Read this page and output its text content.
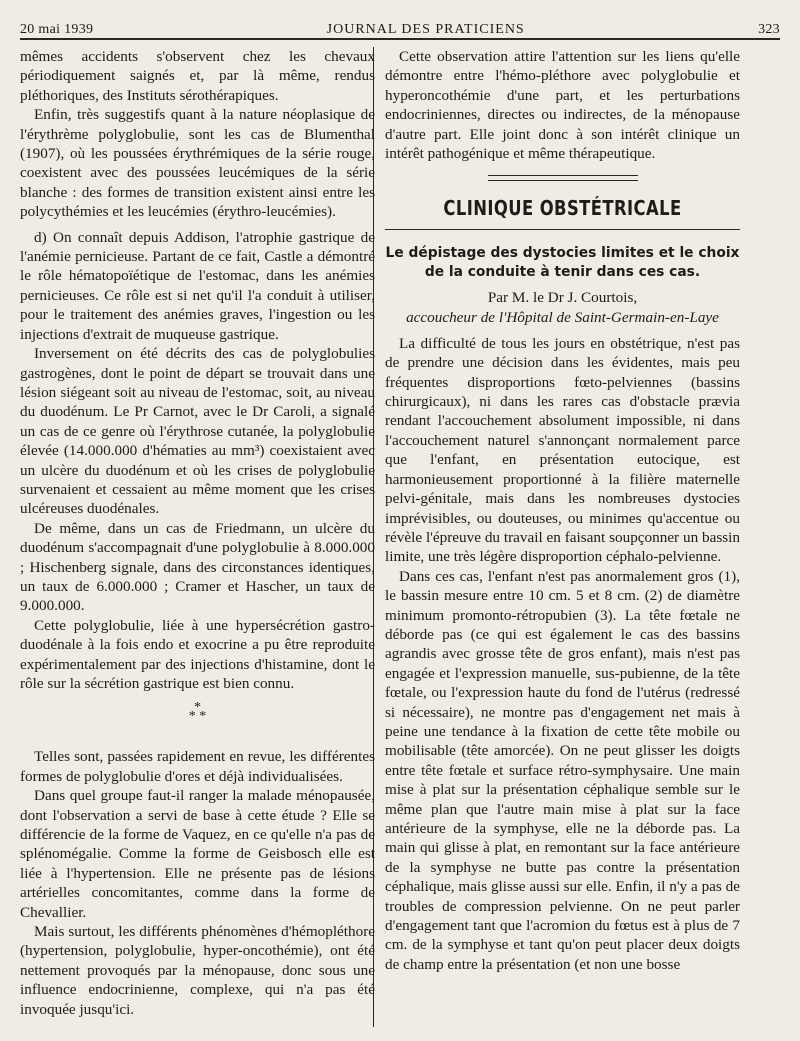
20 mai 1939	JOURNAL DES PRATICIENS	323

mêmes accidents s'observent chez les chevaux périodiquement saignés et, par là même, rendus pléthoriques, des Instituts sérothérapiques.

Enfin, très suggestifs quant à la nature néoplasique de l'érythrème polyglobulie, sont les cas de Blumenthal (1907), où les poussées érythrémiques de la série rouge, coexistent avec des poussées leucémiques de la série blanche : des formes de transition existent ainsi entre les polycythémies et les leucémies (érythro-leucémies).

d) On connaît depuis Addison, l'atrophie gastrique de l'anémie pernicieuse. Partant de ce fait, Castle a démontré le rôle hématopoïétique de l'estomac, dans les anémies pernicieuses. Ce rôle est si net qu'il l'a conduit à utiliser, pour le traitement des anémies graves, l'ingestion ou les injections d'extrait de muqueuse gastrique.

Inversement on été décrits des cas de polyglobulies gastrogènes, dont le point de départ se trouvait dans une lésion siégeant soit au niveau de l'estomac, soit, au niveau du duodénum. Le Pr Carnot, avec le Dr Caroli, a signalé un cas de ce genre où l'érythrose cutanée, la polyglobulie élevée (14.000.000 d'hématies au mm³) coexistaient avec un ulcère du duodénum et où les crises de polyglobulie survenaient et cessaient au même moment que les crises ulcéreuses duodénales.

De même, dans un cas de Friedmann, un ulcère du duodénum s'accompagnait d'une polyglobulie à 8.000.000 ; Hischenberg signale, dans des circonstances identiques, un taux de 6.000.000 ; Cramer et Hascher, un taux de 9.000.000.

Cette polyglobulie, liée à une hypersécrétion gastro-duodénale à la fois endo et exocrine a pu être reproduite expérimentalement par des injections d'histamine, dont le rôle sur la sécrétion gastrique est bien connu.

*
* *

Telles sont, passées rapidement en revue, les différentes formes de polyglobulie d'ores et déjà individualisées.

Dans quel groupe faut-il ranger la malade ménopausée, dont l'observation a servi de base à cette étude ? Elle se différencie de la forme de Vaquez, en ce qu'elle n'a pas de splénomégalie. Comme la forme de Geisbosch elle est liée à l'hypertension. Elle ne présente pas de lésions artérielles concomitantes, comme dans la forme de Chevallier.

Mais surtout, les différents phénomènes d'hémopléthore (hypertension, polyglobulie, hyper-oncothémie), ont été nettement provoqués par la ménopause, donc sous une influence endocrinienne, complexe, qui n'a pas été invoquée jusqu'ici.

Cette observation attire l'attention sur les liens qu'elle démontre entre l'hémo-pléthore avec polyglobulie et hyperoncothémie d'une part, et les perturbations endocriniennes, directes ou indirectes, de la ménopause d'autre part. Elle joint donc à son intérêt clinique un intérêt pathogénique et même thérapeutique.

CLINIQUE OBSTÉTRICALE
Le dépistage des dystocies limites et le choix de la conduite à tenir dans ces cas.
Par M. le Dr J. Courtois,
accoucheur de l'Hôpital de Saint-Germain-en-Laye

La difficulté de tous les jours en obstétrique, n'est pas de prendre une décision dans les évidentes, mais peu fréquentes disproportions fœto-pelviennes (bassins chirurgicaux), ni dans les rares cas d'obstacle prævia rendant l'accouchement absolument impossible, ni dans l'accouchement naturel s'annonçant normalement parce que l'enfant, en présentation eutocique, est harmonieusement proportionné à la filière maternelle pelvi-génitale, mais dans les nombreuses dystocies imprévisibles, ou douteuses, ou minimes qu'accentue ou révèle l'épreuve du travail en faisant soupçonner un bassin limite, une très légère disproportion céphalo-pelvienne.

Dans ces cas, l'enfant n'est pas anormalement gros (1), le bassin mesure entre 10 cm. 5 et 8 cm. (2) de diamètre minimum promonto-rétropubien (3). La tête fœtale ne déborde pas (ce qui est également le cas des bassins agrandis avec grosse tête de gros enfant), mais n'est pas engagée et l'expression manuelle, sus-pubienne, de la tête fœtale, ou l'expression haute du fond de l'utérus (redressé si nécessaire), ne montre pas d'engagement net mais à peine une tendance à la fixation de cette tête mobile ou mobilisable (tête amorcée). On ne peut glisser les doigts entre tête fœtale et surface rétro-symphysaire. Une main mise à plat sur la présentation céphalique semble sur le même plan que l'autre main mise à plat sur la face antérieure de la symphyse, elle ne la déborde pas. La main qui glisse à plat, en remontant sur la face antérieure de la symphyse ne butte pas contre la présentation céphalique, mais glisse aussi sur elle. Enfin, il n'y a pas de troubles de compression pelvienne. On ne peut parler d'engagement tant que l'acromion du fœtus est à plus de 7 cm. de la symphyse et tant qu'on peut placer deux doigts de champ entre la présentation (et non une bosse
